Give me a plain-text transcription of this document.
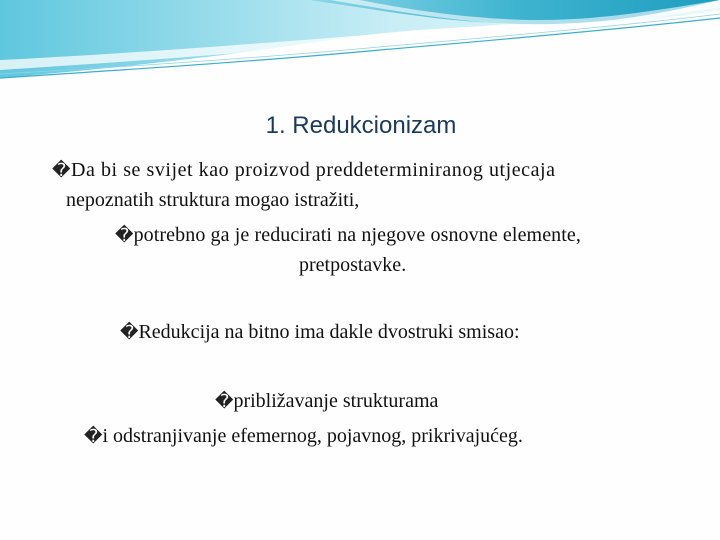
1. Redukcionizam
�Da bi se svijet kao proizvod preddeterminiranog utjecaja
nepoznatih struktura mogao istražiti,
�potrebno ga je reducirati na njegove osnovne elemente,
pretpostavke.
�Redukcija na bitno ima dakle dvostruki smisao:
�približavanje strukturama
�i odstranjivanje efemernog, pojavnog, prikrivajućeg.
